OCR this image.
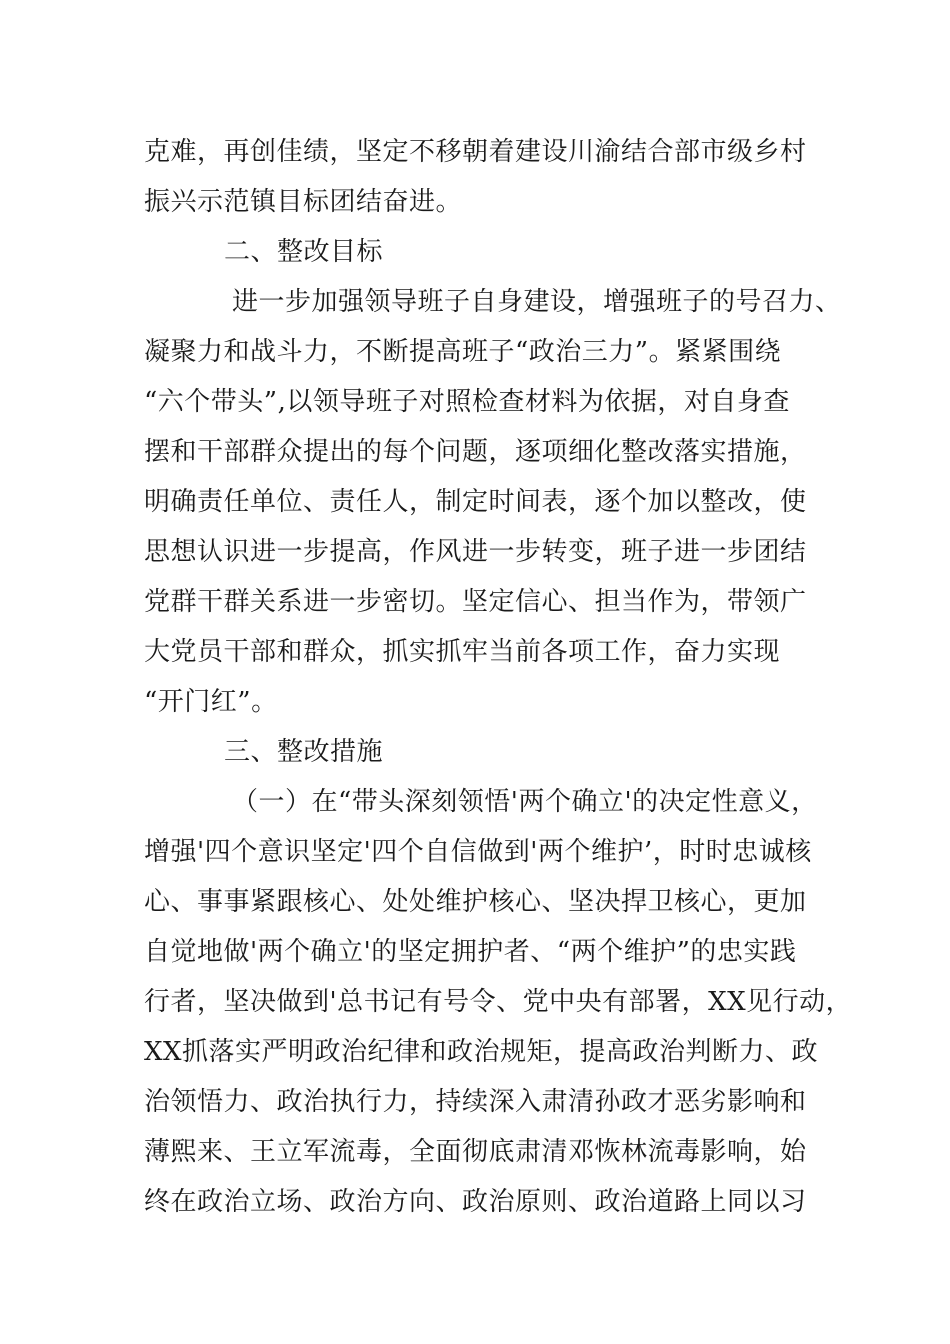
克难，再创佳绩，坚定不移朝着建设川渝结合部市级乡村
振兴示范镇目标团结奋进。
二、整改目标
进一步加强领导班子自身建设，增强班子的号召力、
凝聚力和战斗力，不断提高班子“政治三力”。紧紧围绕
“六个带头”,以领导班子对照检查材料为依据，对自身查
摆和干部群众提出的每个问题，逐项细化整改落实措施，
明确责任单位、责任人，制定时间表，逐个加以整改，使
思想认识进一步提高，作风进一步转变，班子进一步团结
党群干群关系进一步密切。坚定信心、担当作为，带领广
大党员干部和群众，抓实抓牢当前各项工作，奋力实现
“开门红”。
三、整改措施
（一）在“带头深刻领悟'两个确立'的决定性意义，
增强'四个意识坚定'四个自信做到'两个维护’，时时忠诚核
心、事事紧跟核心、处处维护核心、坚决捍卫核心，更加
自觉地做'两个确立'的坚定拥护者、“两个维护”的忠实践
行者，坚决做到'总书记有号令、党中央有部署，XX见行动，
XX抓落实严明政治纪律和政治规矩，提高政治判断力、政
治领悟力、政治执行力，持续深入肃清孙政才恶劣影响和
薄熙来、王立军流毒，全面彻底肃清邓恢林流毒影响，始
终在政治立场、政治方向、政治原则、政治道路上同以习
